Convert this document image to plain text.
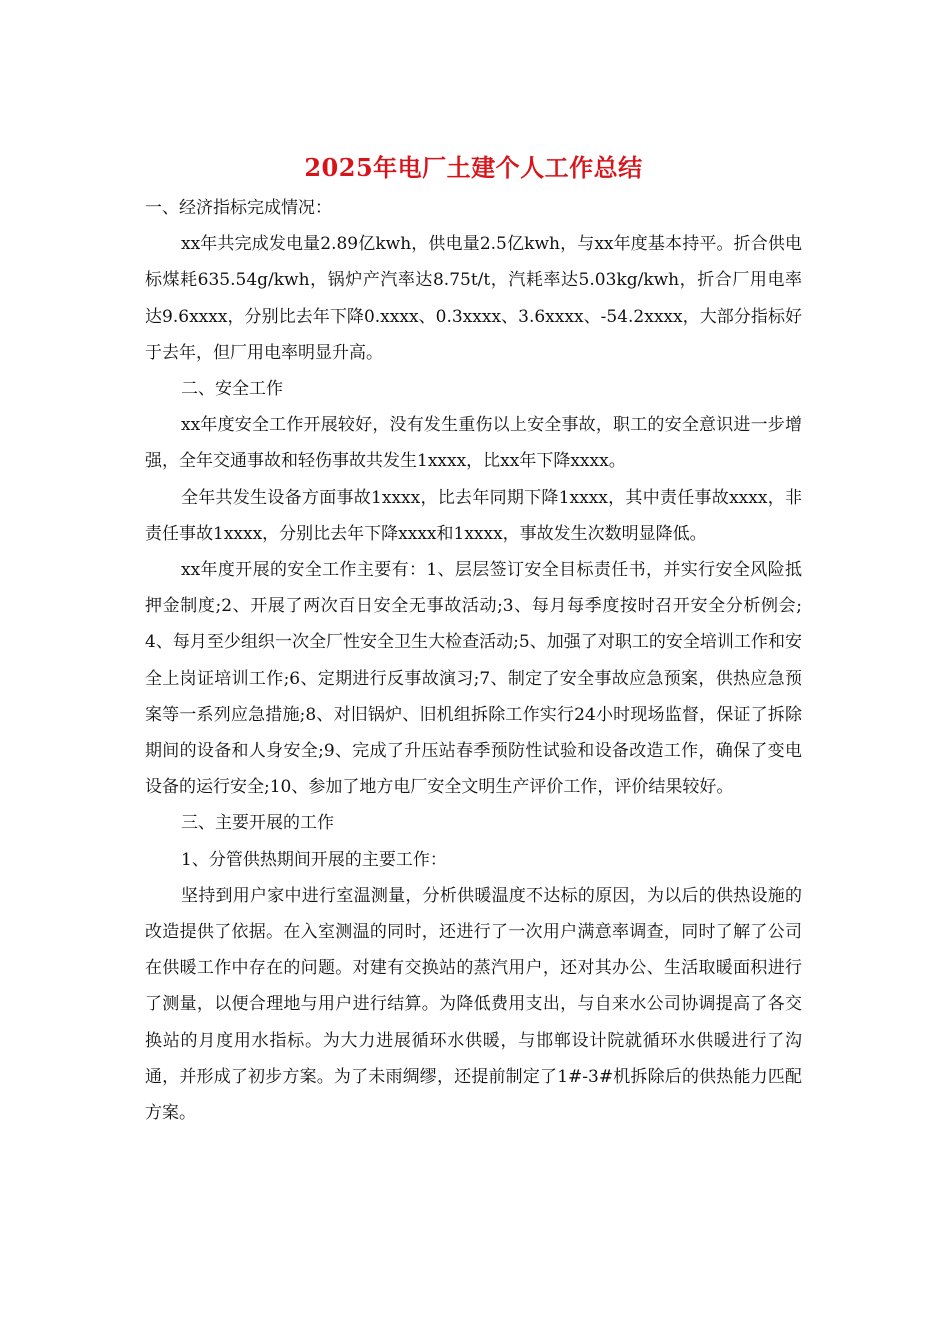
2025年电厂土建个人工作总结

一、经济指标完成情况：

xx年共完成发电量2.89亿kwh，供电量2.5亿kwh，与xx年度基本持平。折合供电标煤耗635.54g/kwh，锅炉产汽率达8.75t/t，汽耗率达5.03kg/kwh，折合厂用电率达9.6xxxx，分别比去年下降0.xxxx、0.3xxxx、3.6xxxx、-54.2xxxx，大部分指标好于去年，但厂用电率明显升高。

二、安全工作

xx年度安全工作开展较好，没有发生重伤以上安全事故，职工的安全意识进一步增强，全年交通事故和轻伤事故共发生1xxxx，比xx年下降xxxx。

全年共发生设备方面事故1xxxx，比去年同期下降1xxxx，其中责任事故xxxx，非责任事故1xxxx，分别比去年下降xxxx和1xxxx，事故发生次数明显降低。

xx年度开展的安全工作主要有：1、层层签订安全目标责任书，并实行安全风险抵押金制度;2、开展了两次百日安全无事故活动;3、每月每季度按时召开安全分析例会;4、每月至少组织一次全厂性安全卫生大检查活动;5、加强了对职工的安全培训工作和安全上岗证培训工作;6、定期进行反事故演习;7、制定了安全事故应急预案，供热应急预案等一系列应急措施;8、对旧锅炉、旧机组拆除工作实行24小时现场监督，保证了拆除期间的设备和人身安全;9、完成了升压站春季预防性试验和设备改造工作，确保了变电设备的运行安全;10、参加了地方电厂安全文明生产评价工作，评价结果较好。

三、主要开展的工作

1、分管供热期间开展的主要工作：

坚持到用户家中进行室温测量，分析供暖温度不达标的原因，为以后的供热设施的改造提供了依据。在入室测温的同时，还进行了一次用户满意率调查，同时了解了公司在供暖工作中存在的问题。对建有交换站的蒸汽用户，还对其办公、生活取暖面积进行了测量，以便合理地与用户进行结算。为降低费用支出，与自来水公司协调提高了各交换站的月度用水指标。为大力进展循环水供暖，与邯郸设计院就循环水供暖进行了沟通，并形成了初步方案。为了未雨绸缪，还提前制定了1#-3#机拆除后的供热能力匹配方案。
